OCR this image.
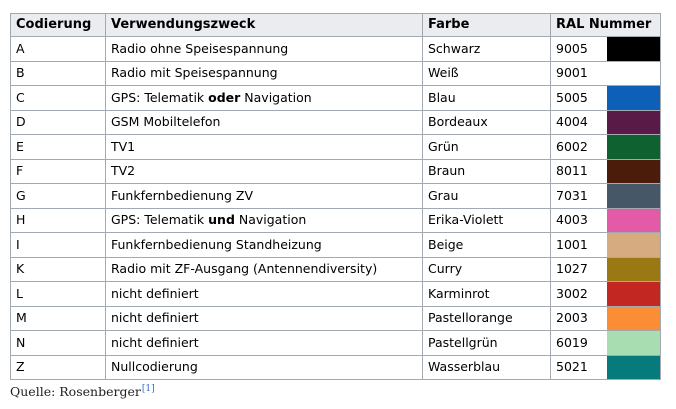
Codierung	Verwendungszweck	Farbe	RAL Nummer	
A	Radio ohne Speisespannung	Schwarz	9005	

B	Radio mit Speisespannung	Weiß	9001	

C	GPS: Telematik oder Navigation	Blau	5005	

D	GSM Mobiltelefon	Bordeaux	4004	

E	TV1	Grün	6002	

F	TV2	Braun	8011	

G	Funkfernbedienung ZV	Grau	7031	

H	GPS: Telematik und Navigation	Erika-Violett	4003	

I	Funkfernbedienung Standheizung	Beige	1001	

K	Radio mit ZF-Ausgang (Antennendiversity)	Curry	1027	

L	nicht definiert	Karminrot	3002	

M	nicht definiert	Pastellorange	2003	

N	nicht definiert	Pastellgrün	6019	

Z	Nullcodierung	Wasserblau	5021	
Quelle: Rosenberger[1]
